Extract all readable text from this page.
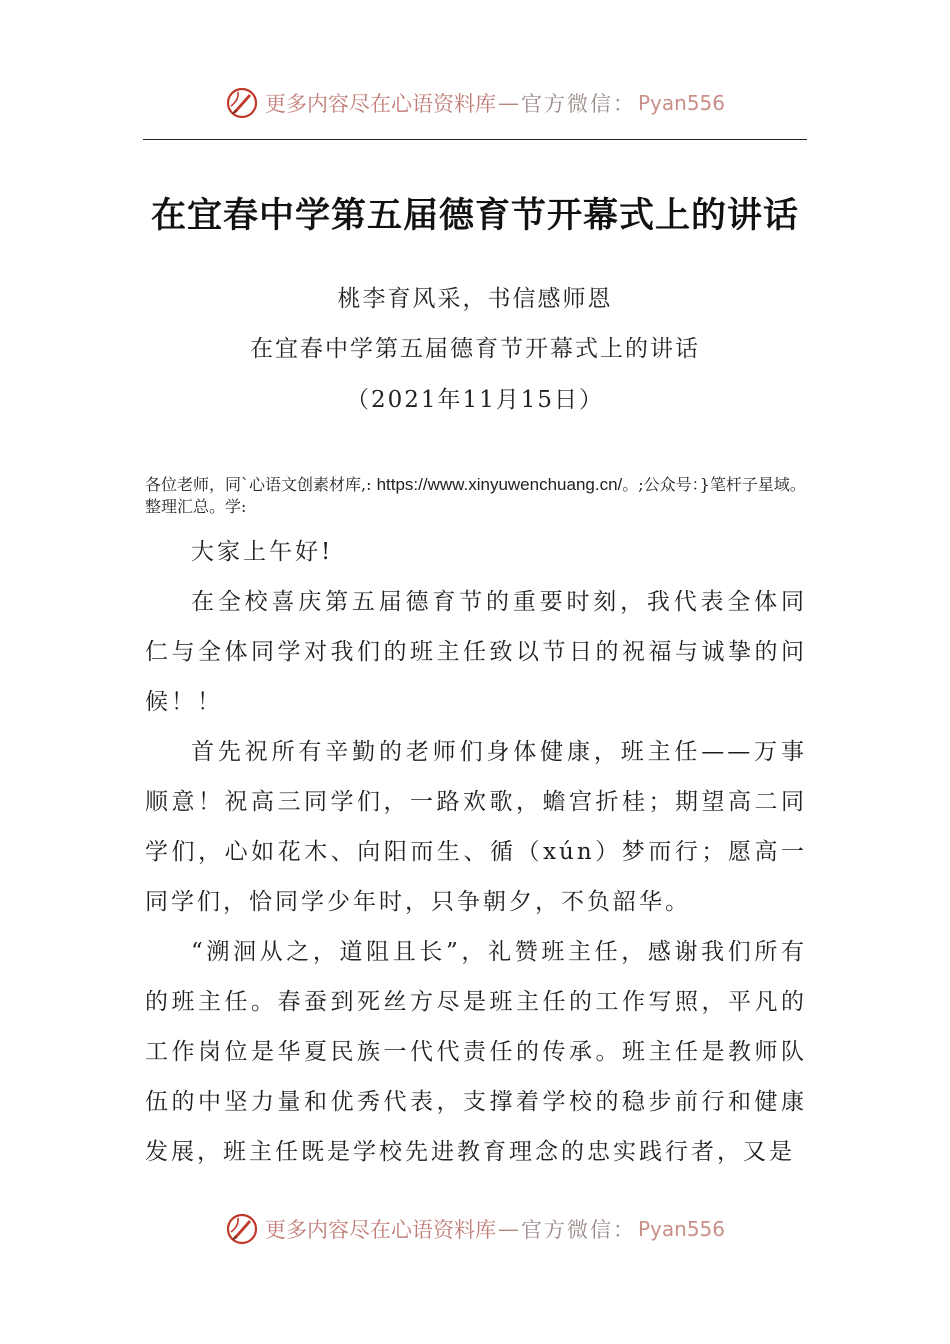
更多内容尽在心语资料库 — 官方微信 ： Pyan556
在宜春中学第五届德育节开幕式上的讲话
桃李育风采，书信感师恩
在宜春中学第五届德育节开幕式上的讲话
（2021年11月15日）
各位老师，同`心语文创素材库,: https://www.xinyuwenchuang.cn/。;公众号：}笔杆子星域。整理汇总。学:

大家上午好!

在全校喜庆第五届德育节的重要时刻，我代表全体同仁与全体同学对我们的班主任致以节日的祝福与诚挚的问候！！

首先祝所有辛勤的老师们身体健康，班主任——万事顺意！祝高三同学们，一路欢歌，蟾宫折桂；期望高二同学们，心如花木、向阳而生、循（xún）梦而行；愿高一同学们，恰同学少年时，只争朝夕，不负韶华。

“溯洄从之，道阻且长”，礼赞班主任，感谢我们所有的班主任。春蚕到死丝方尽是班主任的工作写照，平凡的工作岗位是华夏民族一代代责任的传承。班主任是教师队伍的中坚力量和优秀代表，支撑着学校的稳步前行和健康发展，班主任既是学校先进教育理念的忠实践行者，又是

更多内容尽在心语资料库 — 官方微信 ： Pyan556
